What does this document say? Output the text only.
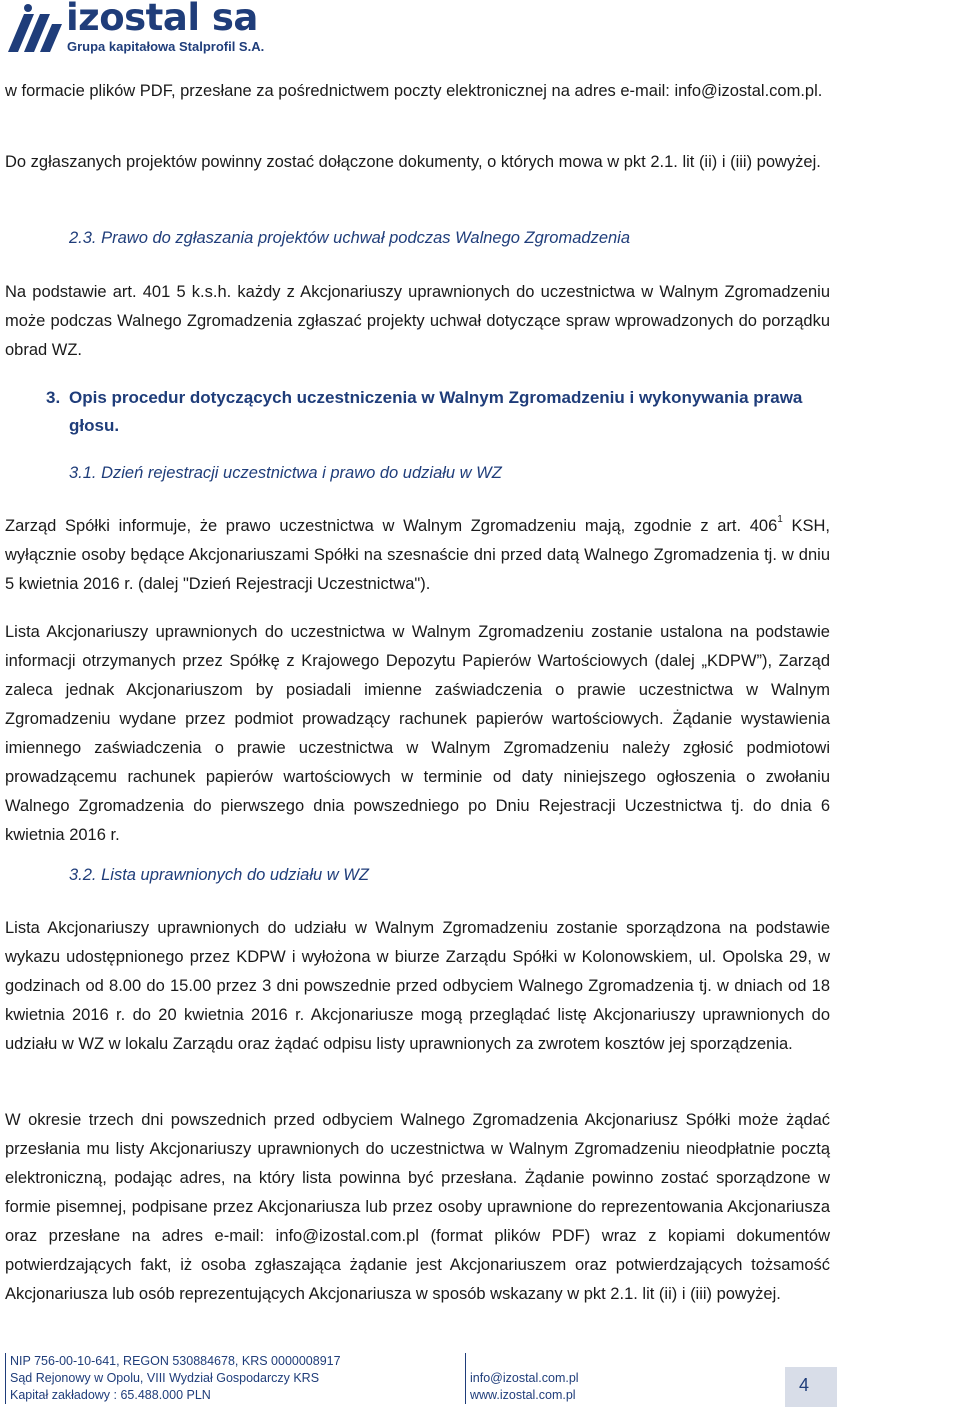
izostal sa
Grupa kapitałowa Stalprofil S.A.
w formacie plików PDF, przesłane za pośrednictwem poczty elektronicznej na adres e-mail: info@izostal.com.pl.
Do zgłaszanych projektów powinny zostać dołączone dokumenty, o których mowa w pkt 2.1. lit (ii) i (iii) powyżej.
2.3. Prawo do zgłaszania projektów uchwał podczas Walnego Zgromadzenia
Na podstawie art. 401 5 k.s.h. każdy z Akcjonariuszy uprawnionych do uczestnictwa w Walnym Zgromadzeniu może podczas Walnego Zgromadzenia zgłaszać projekty uchwał dotyczące spraw wprowadzonych do porządku obrad WZ.
3. Opis procedur dotyczących uczestniczenia w Walnym Zgromadzeniu i wykonywania prawa
głosu.
3.1. Dzień rejestracji uczestnictwa i prawo do udziału w WZ
Zarząd Spółki informuje, że prawo uczestnictwa w Walnym Zgromadzeniu mają, zgodnie z art. $406^1$ KSH, wyłącznie osoby będące Akcjonariuszami Spółki na szesnaście dni przed datą Walnego Zgromadzenia tj. w dniu 5 kwietnia 2016 r. (dalej "Dzień Rejestracji Uczestnictwa").
Lista Akcjonariuszy uprawnionych do uczestnictwa w Walnym Zgromadzeniu zostanie ustalona na podstawie informacji otrzymanych przez Spółkę z Krajowego Depozytu Papierów Wartościowych (dalej „KDPW”), Zarząd zaleca jednak Akcjonariuszom by posiadali imienne zaświadczenia o prawie uczestnictwa w Walnym Zgromadzeniu wydane przez podmiot prowadzący rachunek papierów wartościowych. Żądanie wystawienia imiennego zaświadczenia o prawie uczestnictwa w Walnym Zgromadzeniu należy zgłosić podmiotowi prowadzącemu rachunek papierów wartościowych w terminie od daty niniejszego ogłoszenia o zwołaniu Walnego Zgromadzenia do pierwszego dnia powszedniego po Dniu Rejestracji Uczestnictwa tj. do dnia 6 kwietnia 2016 r.
3.2. Lista uprawnionych do udziału w WZ
Lista Akcjonariuszy uprawnionych do udziału w Walnym Zgromadzeniu zostanie sporządzona na podstawie wykazu udostępnionego przez KDPW i wyłożona w biurze Zarządu Spółki w Kolonowskiem, ul. Opolska 29, w godzinach od 8.00 do 15.00 przez 3 dni powszednie przed odbyciem Walnego Zgromadzenia tj. w dniach od 18 kwietnia 2016 r. do 20 kwietnia 2016 r. Akcjonariusze mogą przeglądać listę Akcjonariuszy uprawnionych do udziału w WZ w lokalu Zarządu oraz żądać odpisu listy uprawnionych za zwrotem kosztów jej sporządzenia.
W okresie trzech dni powszednich przed odbyciem Walnego Zgromadzenia Akcjonariusz Spółki może żądać przesłania mu listy Akcjonariuszy uprawnionych do uczestnictwa w Walnym Zgromadzeniu nieodpłatnie pocztą elektroniczną, podając adres, na który lista powinna być przesłana. Żądanie powinno zostać sporządzone w formie pisemnej, podpisane przez Akcjonariusza lub przez osoby uprawnione do reprezentowania Akcjonariusza oraz przesłane na adres e-mail: info@izostal.com.pl (format plików PDF) wraz z kopiami dokumentów potwierdzających fakt, iż osoba zgłaszająca żądanie jest Akcjonariuszem oraz potwierdzających tożsamość Akcjonariusza lub osób reprezentujących Akcjonariusza w sposób wskazany w pkt 2.1. lit (ii) i (iii) powyżej.
NIP 756-00-10-641, REGON 530884678, KRS 0000008917
Sąd Rejonowy w Opolu, VIII Wydział Gospodarczy KRS
Kapitał zakładowy : 65.488.000 PLN
info@izostal.com.pl
www.izostal.com.pl	4
